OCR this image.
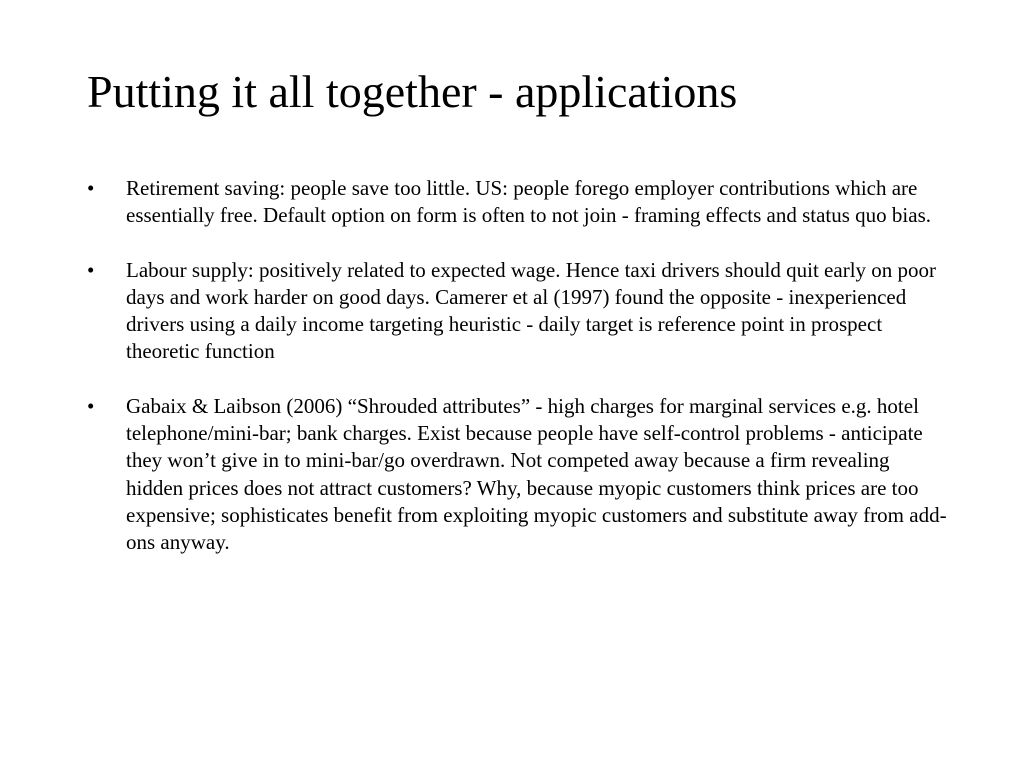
Putting it all together - applications
• Retirement saving: people save too little. US: people forego employer contributions which are essentially free. Default option on form is often to not join - framing effects and status quo bias.
• Labour supply: positively related to expected wage. Hence taxi drivers should quit early on poor days and work harder on good days. Camerer et al (1997) found the opposite - inexperienced drivers using a daily income targeting heuristic - daily target is reference point in prospect theoretic function
• Gabaix & Laibson (2006) “Shrouded attributes” - high charges for marginal services e.g. hotel telephone/mini-bar; bank charges. Exist because people have self-control problems - anticipate they won’t give in to mini-bar/go overdrawn. Not competed away because a firm revealing hidden prices does not attract customers? Why, because myopic customers think prices are too expensive; sophisticates benefit from exploiting myopic customers and substitute away from add-ons anyway.
